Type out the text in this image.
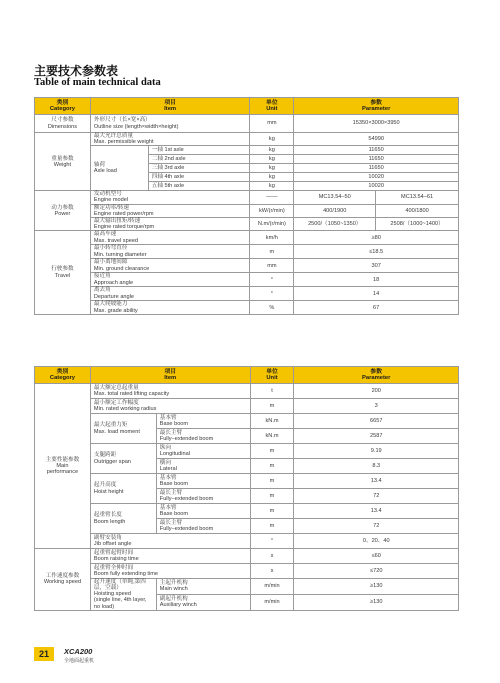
主要技术参数表
Table of main technical data
类别
Category	项目
Item		单位
Unit	参数
Parameter	

尺寸参数
Dimensions	外形尺寸（长×宽×高）
Outline size (length×width×height)		mm	15350×3000×3950	

重量参数
Weight	最大允许总质量
Max. permissible weight		kg	54990	

	轴荷
Axle load	一轴 1st axle	kg	11650	
		二轴 2nd axle	kg	11650	
		三轴 3rd axle	kg	11650	
		四轴 4th axle	kg	10020	
		五轴 5th axle	kg	10020	

动力参数
Power	发动机型号
Engine model		——	MC13.54–50	MC13.54–61

	额定功率/转速
Engine rated power/rpm		kW/(r/min)	400/1900	400/1800

	最大输出扭矩/转速
Engine rated torque/rpm		N.m/(r/min)	2500/（1050~1350）	2508/（1000~1400）

行驶参数
Travel	最高车速
Max. travel speed		km/h	≥80	

	最小转弯直径
Min. turning diameter		m	≤18.5	

	最小离地间隙
Min. ground clearance		mm	307	

	接近角
Approach angle		°	18	

	离去角
Departure angle		°	14	

	最大爬坡能力
Max. grade ability		%	67	
类别
Category	项目
Item		单位
Unit	参数
Parameter

主要性能参数
Main
performance	最大额定总起重量
Max. total rated lifting capacity		t	200

	最小额定工作幅度
Min. rated working radius		m	3

	最大起重力矩
Max. load moment	基本臂
Base boom	kN.m	6657

		最长主臂
Fully–extended boom	kN.m	2587

	支腿跨距
Outrigger span	纵向
Longitudinal	m	9.19

		横向
Lateral	m	8.3

	起升高度
Hoist height	基本臂
Base boom	m	13.4

		最长主臂
Fully–extended boom	m	72

	起重臂长度
Boom length	基本臂
Base boom	m	13.4

		最长主臂
Fully–extended boom	m	72

	副臂安装角
Jib offset angle		°	0、20、40

工作速度参数
Working speed	起重臂起臂时间
Boom raising time		s	≤60

	起重臂全伸时间
Boom fully extending time		s	≤720

	起升速度（单绳,第四层，空载）
Hoisting speed
(single line, 4th layer, no load)	主起升机构
Main winch	m/min	≥130

		副起升机构
Auxiliary winch	m/min	≥130
21	XCA200
全地面起重机
